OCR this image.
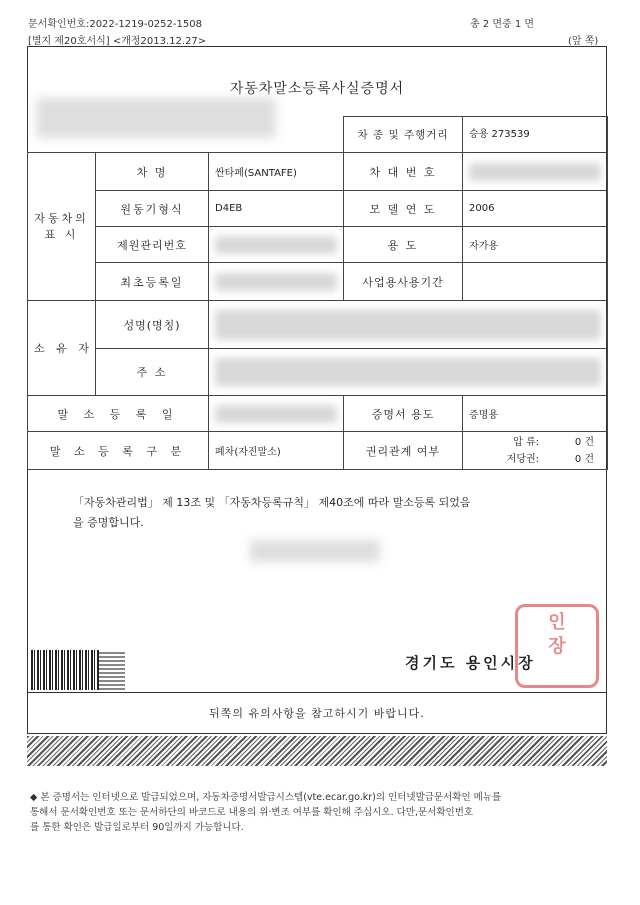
문서확인번호:2022-1219-0252-1508
[별지 제20호서식] <개정2013.12.27>
총 2 면중 1 면
(앞 쪽)
자동차말소등록사실증명서
			차 종 및 주행거리	승용 273539
자동차의 표 시	차 명	싼타페(SANTAFE)	차 대 번 호	

	원동기형식	D4EB	모 델 연 도	2006
	제원관리번호		용 도	자가용
	최초등록일		사업용사용기간	
소 유 자	성명(명칭)			

	주 소			

말 소 등 록 일			증명서 용도	증명용
말 소 등 록 구 분		폐차(자진말소)	권리관계 여부	압 류: 0 건
저당권: 0 건
「자동차관리법」 제 13조 및 「자동차등록규칙」 제40조에 따라 말소등록 되었음
을 증명합니다.
경기도 용인시장
인
장
뒤쪽의 유의사항을 참고하시기 바랍니다.
◆ 본 증명서는 인터넷으로 발급되었으며, 자동차증명서발급시스템(vte.ecar.go.kr)의 인터넷발급문서확인 메뉴를
통해서 문서확인번호 또는 문서하단의 바코드로 내용의 위·변조 여부를 확인해 주십시오. 다만,문서확인번호
를 통한 확인은 발급일로부터 90일까지 가능합니다.
